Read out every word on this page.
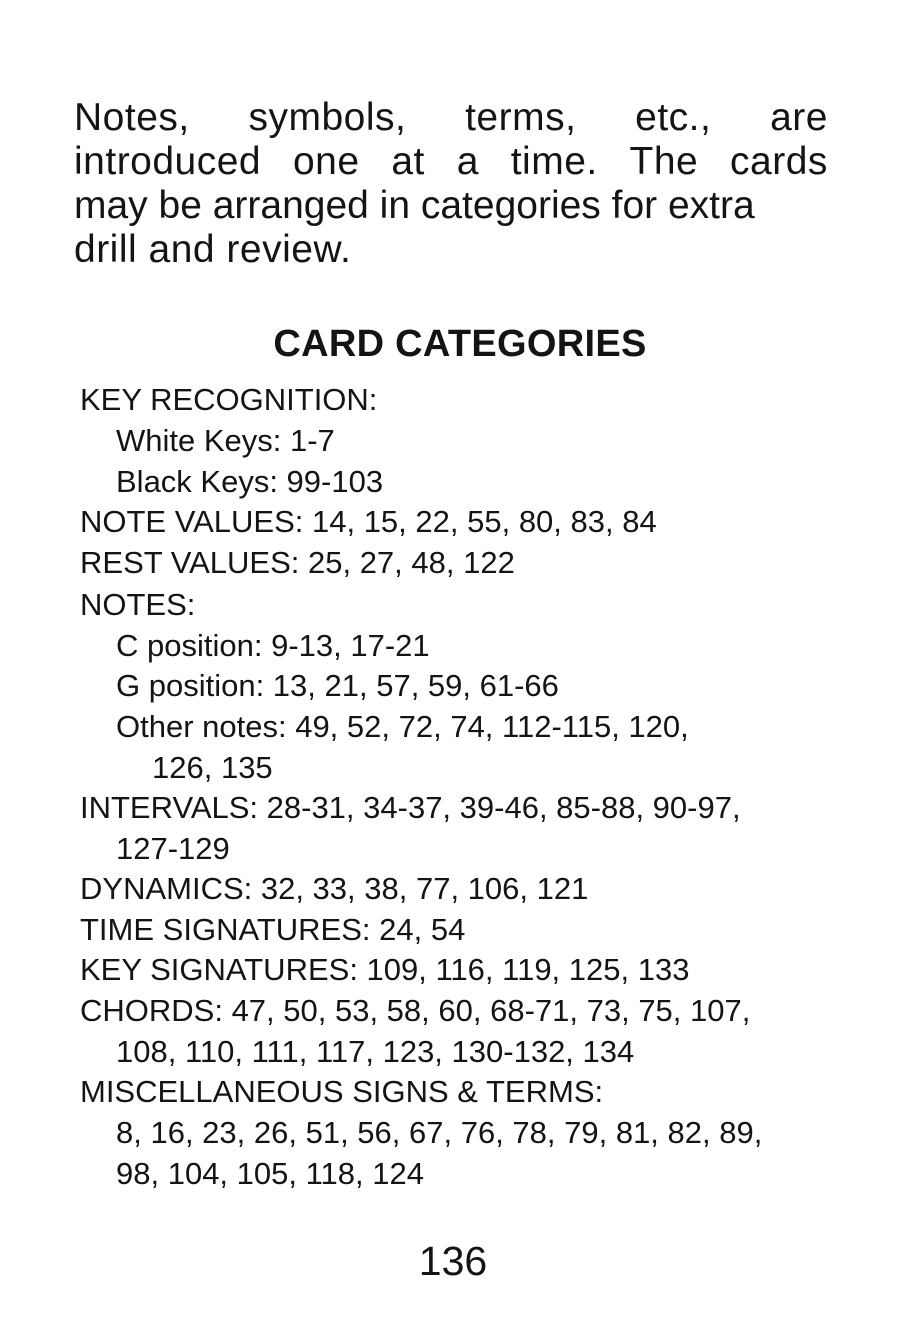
Notes, symbols, terms, etc., are
introduced one at a time. The cards
may be arranged in categories for extra
drill and review.
CARD CATEGORIES
KEY RECOGNITION:
White Keys: 1-7
Black Keys: 99-103
NOTE VALUES: 14, 15, 22, 55, 80, 83, 84
REST VALUES: 25, 27, 48, 122
NOTES:
C position: 9-13, 17-21
G position: 13, 21, 57, 59, 61-66
Other notes: 49, 52, 72, 74, 112-115, 120,
126, 135
INTERVALS: 28-31, 34-37, 39-46, 85-88, 90-97,
127-129
DYNAMICS: 32, 33, 38, 77, 106, 121
TIME SIGNATURES: 24, 54
KEY SIGNATURES: 109, 116, 119, 125, 133
CHORDS: 47, 50, 53, 58, 60, 68-71, 73, 75, 107,
108, 110, 111, 117, 123, 130-132, 134
MISCELLANEOUS SIGNS & TERMS:
8, 16, 23, 26, 51, 56, 67, 76, 78, 79, 81, 82, 89,
98, 104, 105, 118, 124
136
